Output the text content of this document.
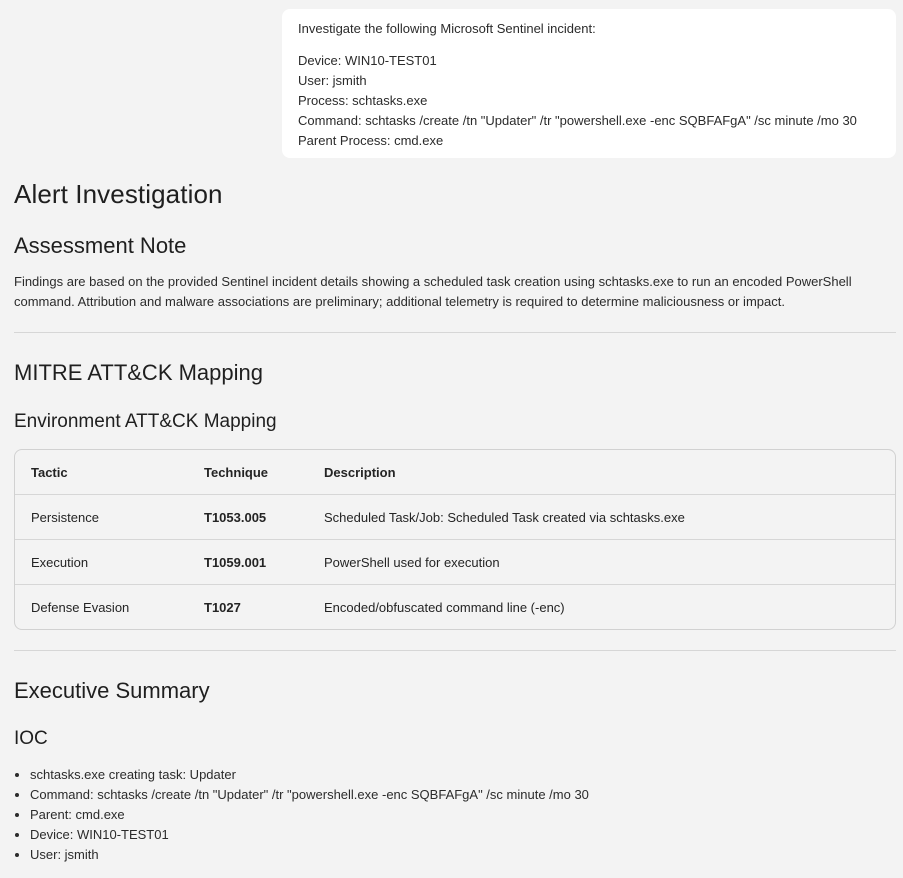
Investigate the following Microsoft Sentinel incident:

Device: WIN10-TEST01
User: jsmith
Process: schtasks.exe
Command: schtasks /create /tn "Updater" /tr "powershell.exe -enc SQBFAFgA" /sc minute /mo 30
Parent Process: cmd.exe
Alert Investigation
Assessment Note

Findings are based on the provided Sentinel incident details showing a scheduled task creation using schtasks.exe to run an encoded PowerShell command. Attribution and malware associations are preliminary; additional telemetry is required to determine maliciousness or impact.

MITRE ATT&CK Mapping
Environment ATT&CK Mapping
Tactic	Technique	Description
Persistence	T1053.005	Scheduled Task/Job: Scheduled Task created via schtasks.exe
Execution	T1059.001	PowerShell used for execution
Defense Evasion	T1027	Encoded/obfuscated command line (-enc)
Executive Summary
IOC
• schtasks.exe creating task: Updater
• Command: schtasks /create /tn "Updater" /tr "powershell.exe -enc SQBFAFgA" /sc minute /mo 30
• Parent: cmd.exe
• Device: WIN10-TEST01
• User: jsmith
